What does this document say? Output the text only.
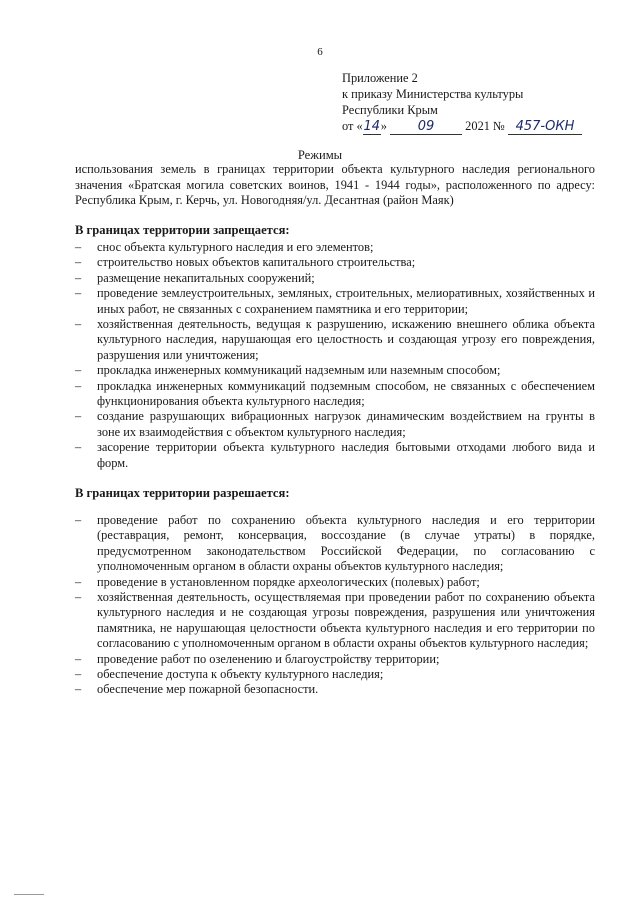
6
Приложение 2
к приказу Министерства культуры
Республики Крым
от «14» 09 2021 № 457-ОКН
Режимы
использования земель в границах территории объекта культурного наследия регионального значения «Братская могила советских воинов, 1941 - 1944 годы», расположенного по адресу: Республика Крым, г. Керчь, ул. Новогодняя/ул. Десантная (район Маяк)
В границах территории запрещается:
– снос объекта культурного наследия и его элементов;
– строительство новых объектов капитального строительства;
– размещение некапитальных сооружений;
– проведение землеустроительных, земляных, строительных, мелиоративных, хозяйственных и иных работ, не связанных с сохранением памятника и его территории;
– хозяйственная деятельность, ведущая к разрушению, искажению внешнего облика объекта культурного наследия, нарушающая его целостность и создающая угрозу его повреждения, разрушения или уничтожения;
– прокладка инженерных коммуникаций надземным или наземным способом;
– прокладка инженерных коммуникаций подземным способом, не связанных с обеспечением функционирования объекта культурного наследия;
– создание разрушающих вибрационных нагрузок динамическим воздействием на грунты в зоне их взаимодействия с объектом культурного наследия;
– засорение территории объекта культурного наследия бытовыми отходами любого вида и форм.
В границах территории разрешается:
– проведение работ по сохранению объекта культурного наследия и его территории (реставрация, ремонт, консервация, воссоздание (в случае утраты) в порядке, предусмотренном законодательством Российской Федерации, по согласованию с уполномоченным органом в области охраны объектов культурного наследия;
– проведение в установленном порядке археологических (полевых) работ;
– хозяйственная деятельность, осуществляемая при проведении работ по сохранению объекта культурного наследия и не создающая угрозы повреждения, разрушения или уничтожения памятника, не нарушающая целостности объекта культурного наследия и его территории по согласованию с уполномоченным органом в области охраны объектов культурного наследия;
– проведение работ по озеленению и благоустройству территории;
– обеспечение доступа к объекту культурного наследия;
– обеспечение мер пожарной безопасности.
